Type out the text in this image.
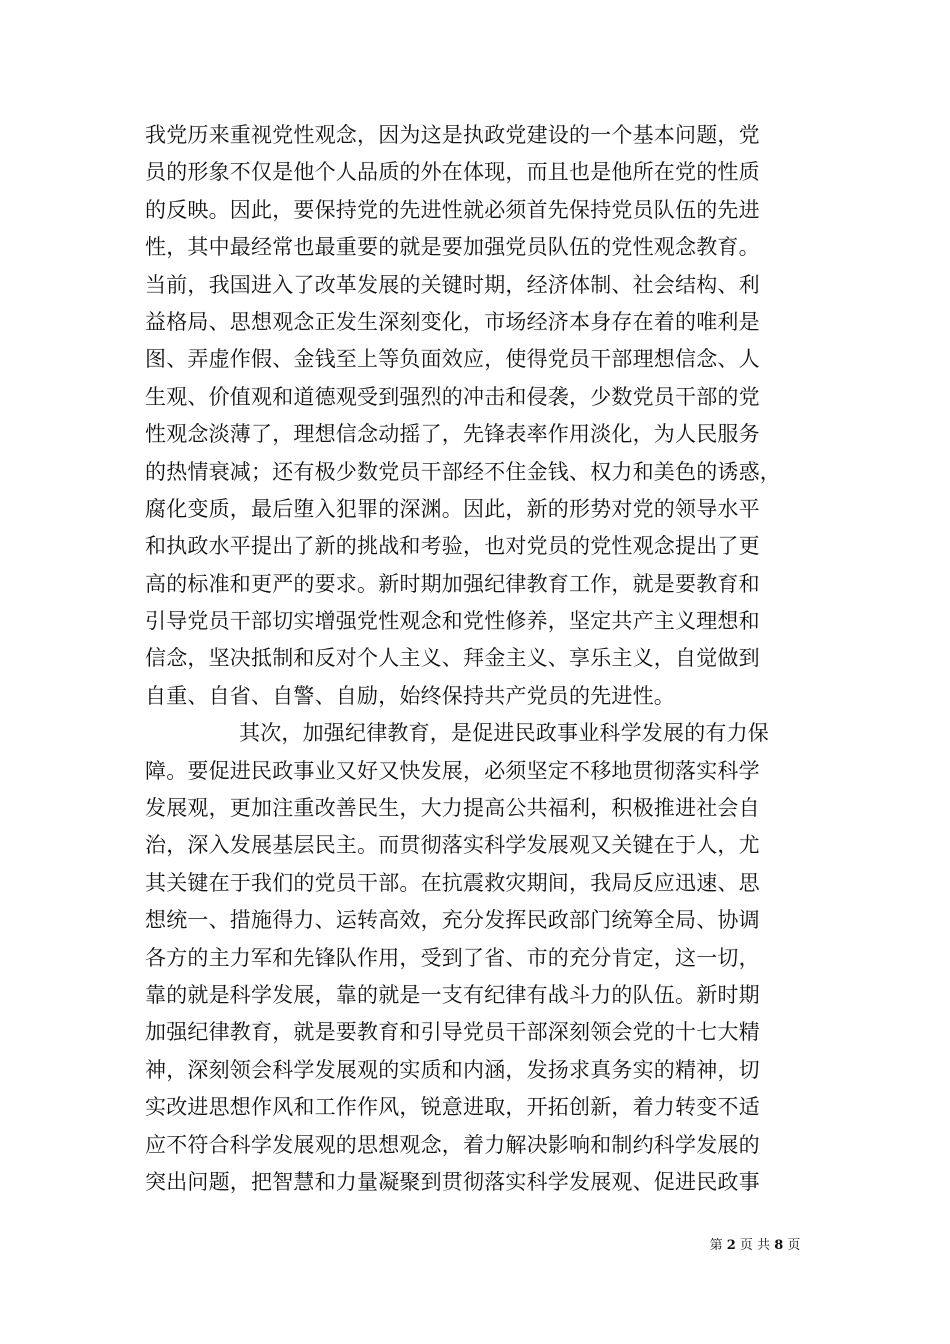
我党历来重视党性观念，因为这是执政党建设的一个基本问题，党
员的形象不仅是他个人品质的外在体现，而且也是他所在党的性质
的反映。因此，要保持党的先进性就必须首先保持党员队伍的先进
性，其中最经常也最重要的就是要加强党员队伍的党性观念教育。
当前，我国进入了改革发展的关键时期，经济体制、社会结构、利
益格局、思想观念正发生深刻变化，市场经济本身存在着的唯利是
图、弄虚作假、金钱至上等负面效应，使得党员干部理想信念、人
生观、价值观和道德观受到强烈的冲击和侵袭，少数党员干部的党
性观念淡薄了，理想信念动摇了，先锋表率作用淡化，为人民服务
的热情衰减；还有极少数党员干部经不住金钱、权力和美色的诱惑，
腐化变质，最后堕入犯罪的深渊。因此，新的形势对党的领导水平
和执政水平提出了新的挑战和考验，也对党员的党性观念提出了更
高的标准和更严的要求。新时期加强纪律教育工作，就是要教育和
引导党员干部切实增强党性观念和党性修养，坚定共产主义理想和
信念，坚决抵制和反对个人主义、拜金主义、享乐主义，自觉做到
自重、自省、自警、自励，始终保持共产党员的先进性。
其次，加强纪律教育，是促进民政事业科学发展的有力保
障。要促进民政事业又好又快发展，必须坚定不移地贯彻落实科学
发展观，更加注重改善民生，大力提高公共福利，积极推进社会自
治，深入发展基层民主。而贯彻落实科学发展观又关键在于人，尤
其关键在于我们的党员干部。在抗震救灾期间，我局反应迅速、思
想统一、措施得力、运转高效，充分发挥民政部门统筹全局、协调
各方的主力军和先锋队作用，受到了省、市的充分肯定，这一切，
靠的就是科学发展，靠的就是一支有纪律有战斗力的队伍。新时期
加强纪律教育，就是要教育和引导党员干部深刻领会党的十七大精
神，深刻领会科学发展观的实质和内涵，发扬求真务实的精神，切
实改进思想作风和工作作风，锐意进取，开拓创新，着力转变不适
应不符合科学发展观的思想观念，着力解决影响和制约科学发展的
突出问题，把智慧和力量凝聚到贯彻落实科学发展观、促进民政事
第 2 页 共 8 页
